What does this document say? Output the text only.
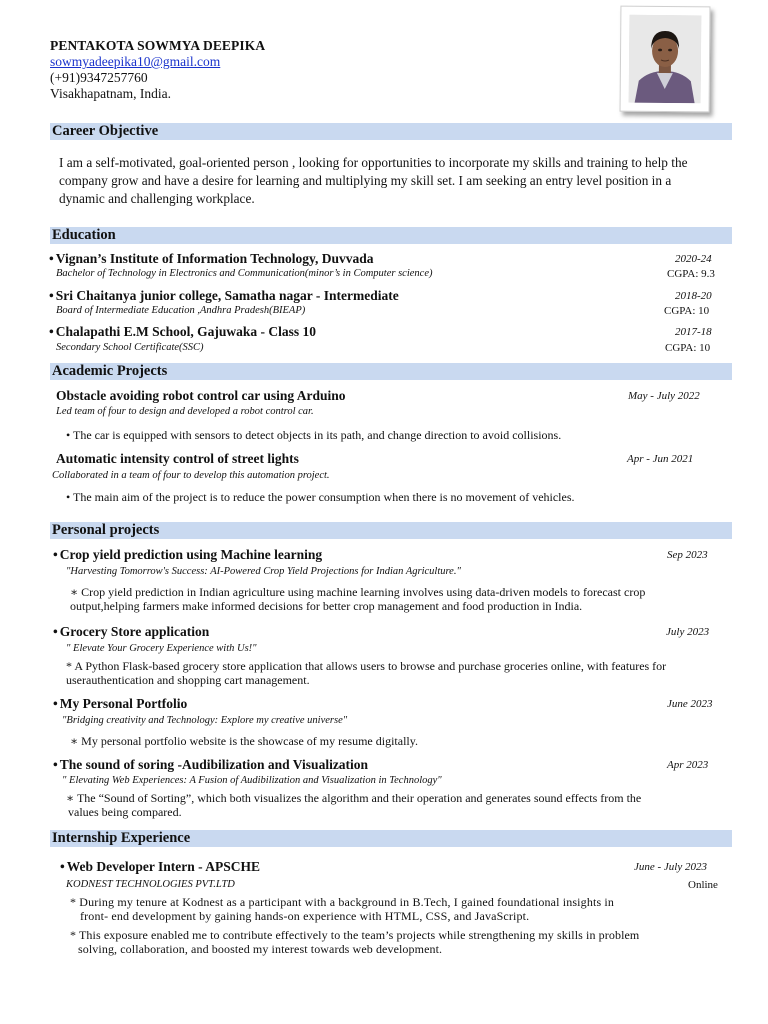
PENTAKOTA SOWMYA DEEPIKA
sowmyadeepika10@gmail.com
(+91)9347257760
Visakhapatnam, India.
Career Objective
I am a self-motivated, goal-oriented person , looking for opportunities to incorporate my skills and training to help the
company grow and have a desire for learning and multiplying my skill set. I am seeking an entry level position in a
dynamic and challenging workplace.
Education
• Vignan’s Institute of Information Technology, Duvvada	2020-24
Bachelor of Technology in Electronics and Communication(minor’s in Computer science)	CGPA: 9.3
• Sri Chaitanya junior college, Samatha nagar - Intermediate	2018-20
Board of Intermediate Education ,Andhra Pradesh(BIEAP)	CGPA: 10
• Chalapathi E.M School, Gajuwaka - Class 10	2017-18
Secondary School Certificate(SSC)	CGPA: 10
Academic Projects
Obstacle avoiding robot control car using Arduino	May - July 2022
Led team of four to design and developed a robot control car.
• The car is equipped with sensors to detect objects in its path, and change direction to avoid collisions.
Automatic intensity control of street lights	Apr - Jun 2021
Collaborated in a team of four to develop this automation project.
• The main aim of the project is to reduce the power consumption when there is no movement of vehicles.
Personal projects
• Crop yield prediction using Machine learning	Sep 2023
"Harvesting Tomorrow's Success: AI-Powered Crop Yield Projections for Indian Agriculture."
∗ Crop yield prediction in Indian agriculture using machine learning involves using data-driven models to forecast crop
output,helping farmers make informed decisions for better crop management and food production in India.
• Grocery Store application	July 2023
" Elevate Your Grocery Experience with Us!"
* A Python Flask-based grocery store application that allows users to browse and purchase groceries online, with features for
userauthentication and shopping cart management.
• My Personal Portfolio	June 2023
"Bridging creativity and Technology: Explore my creative universe"
∗ My personal portfolio website is the showcase of my resume digitally.
• The sound of soring -Audibilization and Visualization	Apr 2023
" Elevating Web Experiences: A Fusion of Audibilization and Visualization in Technology"
∗ The “Sound of Sorting”, which both visualizes the algorithm and their operation and generates sound effects from the
values being compared.
Internship Experience
• Web Developer Intern - APSCHE	June - July 2023
KODNEST TECHNOLOGIES PVT.LTD	Online
* During my tenure at Kodnest as a participant with a background in B.Tech, I gained foundational insights in
front- end development by gaining hands-on experience with HTML, CSS, and JavaScript.
* This exposure enabled me to contribute effectively to the team’s projects while strengthening my skills in problem
solving, collaboration, and boosted my interest towards web development.
